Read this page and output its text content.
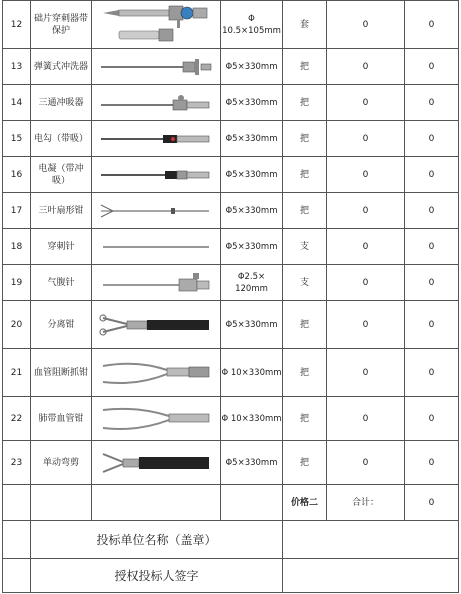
12	础片穿刺器带保护		Φ 10.5×105mm	套	0	0
13	弹簧式冲洗器		Φ5×330mm	把	0	0
14	三通冲吸器		Φ5×330mm	把	0	0
15	电勾（带吸）		Φ5×330mm	把	0	0
16	电凝（带冲吸）		Φ5×330mm	把	0	0
17	三叶扇形钳		Φ5×330mm	把	0	0
18	穿刺针		Φ5×330mm	支	0	0
19	气腹针		Φ2.5× 120mm	支	0	0
20	分离钳		Φ5×330mm	把	0	0
21	血管阻断抓钳		Φ 10×330mm	把	0	0
22	肺带血管钳		Φ 10×330mm	把	0	0
23	单动弯剪		Φ5×330mm	把	0	0
				价格二	合计：	0
	投标单位名称（盖章）					
	授权投标人签字					
